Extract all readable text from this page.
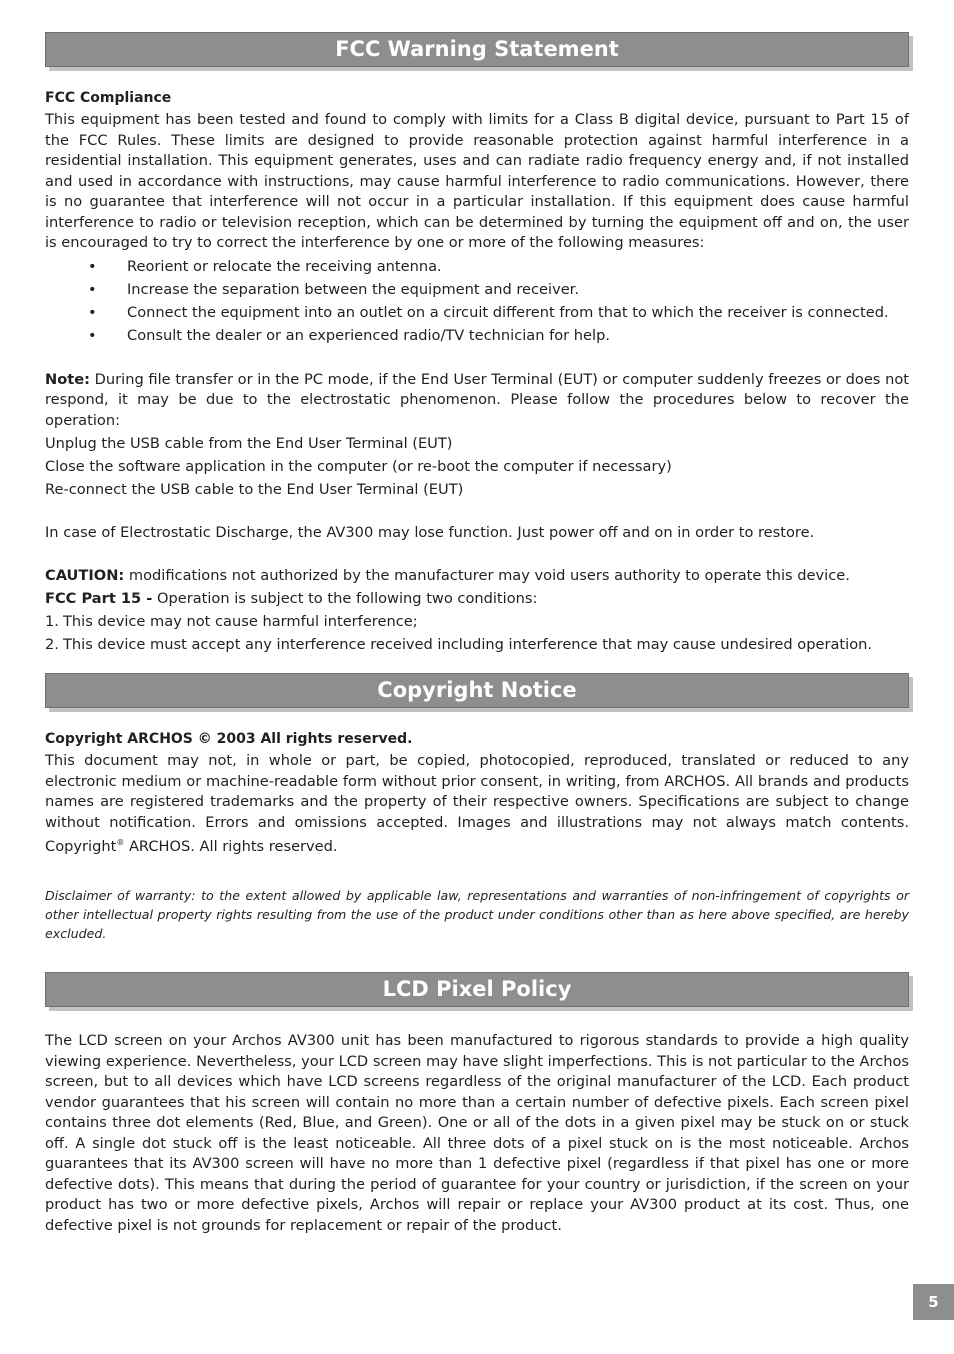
FCC Warning Statement
FCC Compliance

This equipment has been tested and found to comply with limits for a Class B digital device, pursuant to Part 15 of the FCC Rules. These limits are designed to provide reasonable protection against harmful interference in a residential installation. This equipment generates, uses and can radiate radio frequency energy and, if not installed and used in accordance with instructions, may cause harmful interference to radio communications. However, there is no guarantee that interference will not occur in a particular installation. If this equipment does cause harmful interference to radio or television reception, which can be determined by turning the equipment off and on, the user is encouraged to try to correct the interference by one or more of the following measures:

• Reorient or relocate the receiving antenna.
• Increase the separation between the equipment and receiver.
• Connect the equipment into an outlet on a circuit different from that to which the receiver is connected.
• Consult the dealer or an experienced radio/TV technician for help.

Note: During file transfer or in the PC mode, if the End User Terminal (EUT) or computer suddenly freezes or does not respond, it may be due to the electrostatic phenomenon. Please follow the procedures below to recover the operation:

Unplug the USB cable from the End User Terminal (EUT)

Close the software application in the computer (or re-boot the computer if necessary)

Re-connect the USB cable to the End User Terminal (EUT)

In case of Electrostatic Discharge, the AV300 may lose function. Just power off and on in order to restore.

CAUTION: modifications not authorized by the manufacturer may void users authority to operate this device.

FCC Part 15 - Operation is subject to the following two conditions:

1. This device may not cause harmful interference;
2. This device must accept any interference received including interference that may cause undesired operation.
Copyright Notice
Copyright ARCHOS © 2003 All rights reserved.

This document may not, in whole or part, be copied, photocopied, reproduced, translated or reduced to any electronic medium or machine-readable form without prior consent, in writing, from ARCHOS. All brands and products names are registered trademarks and the property of their respective owners. Specifications are subject to change without notification. Errors and omissions accepted. Images and illustrations may not always match contents. Copyright® ARCHOS. All rights reserved.

Disclaimer of warranty: to the extent allowed by applicable law, representations and warranties of non-infringement of copyrights or other intellectual property rights resulting from the use of the product under conditions other than as here above specified, are hereby excluded.

LCD Pixel Policy

The LCD screen on your Archos AV300 unit has been manufactured to rigorous standards to provide a high quality viewing experience. Nevertheless, your LCD screen may have slight imperfections. This is not particular to the Archos screen, but to all devices which have LCD screens regardless of the original manufacturer of the LCD. Each product vendor guarantees that his screen will contain no more than a certain number of defective pixels. Each screen pixel contains three dot elements (Red, Blue, and Green). One or all of the dots in a given pixel may be stuck on or stuck off. A single dot stuck off is the least noticeable. All three dots of a pixel stuck on is the most noticeable. Archos guarantees that its AV300 screen will have no more than 1 defective pixel (regardless if that pixel has one or more defective dots). This means that during the period of guarantee for your country or jurisdiction, if the screen on your product has two or more defective pixels, Archos will repair or replace your AV300 product at its cost. Thus, one defective pixel is not grounds for replacement or repair of the product.

5
